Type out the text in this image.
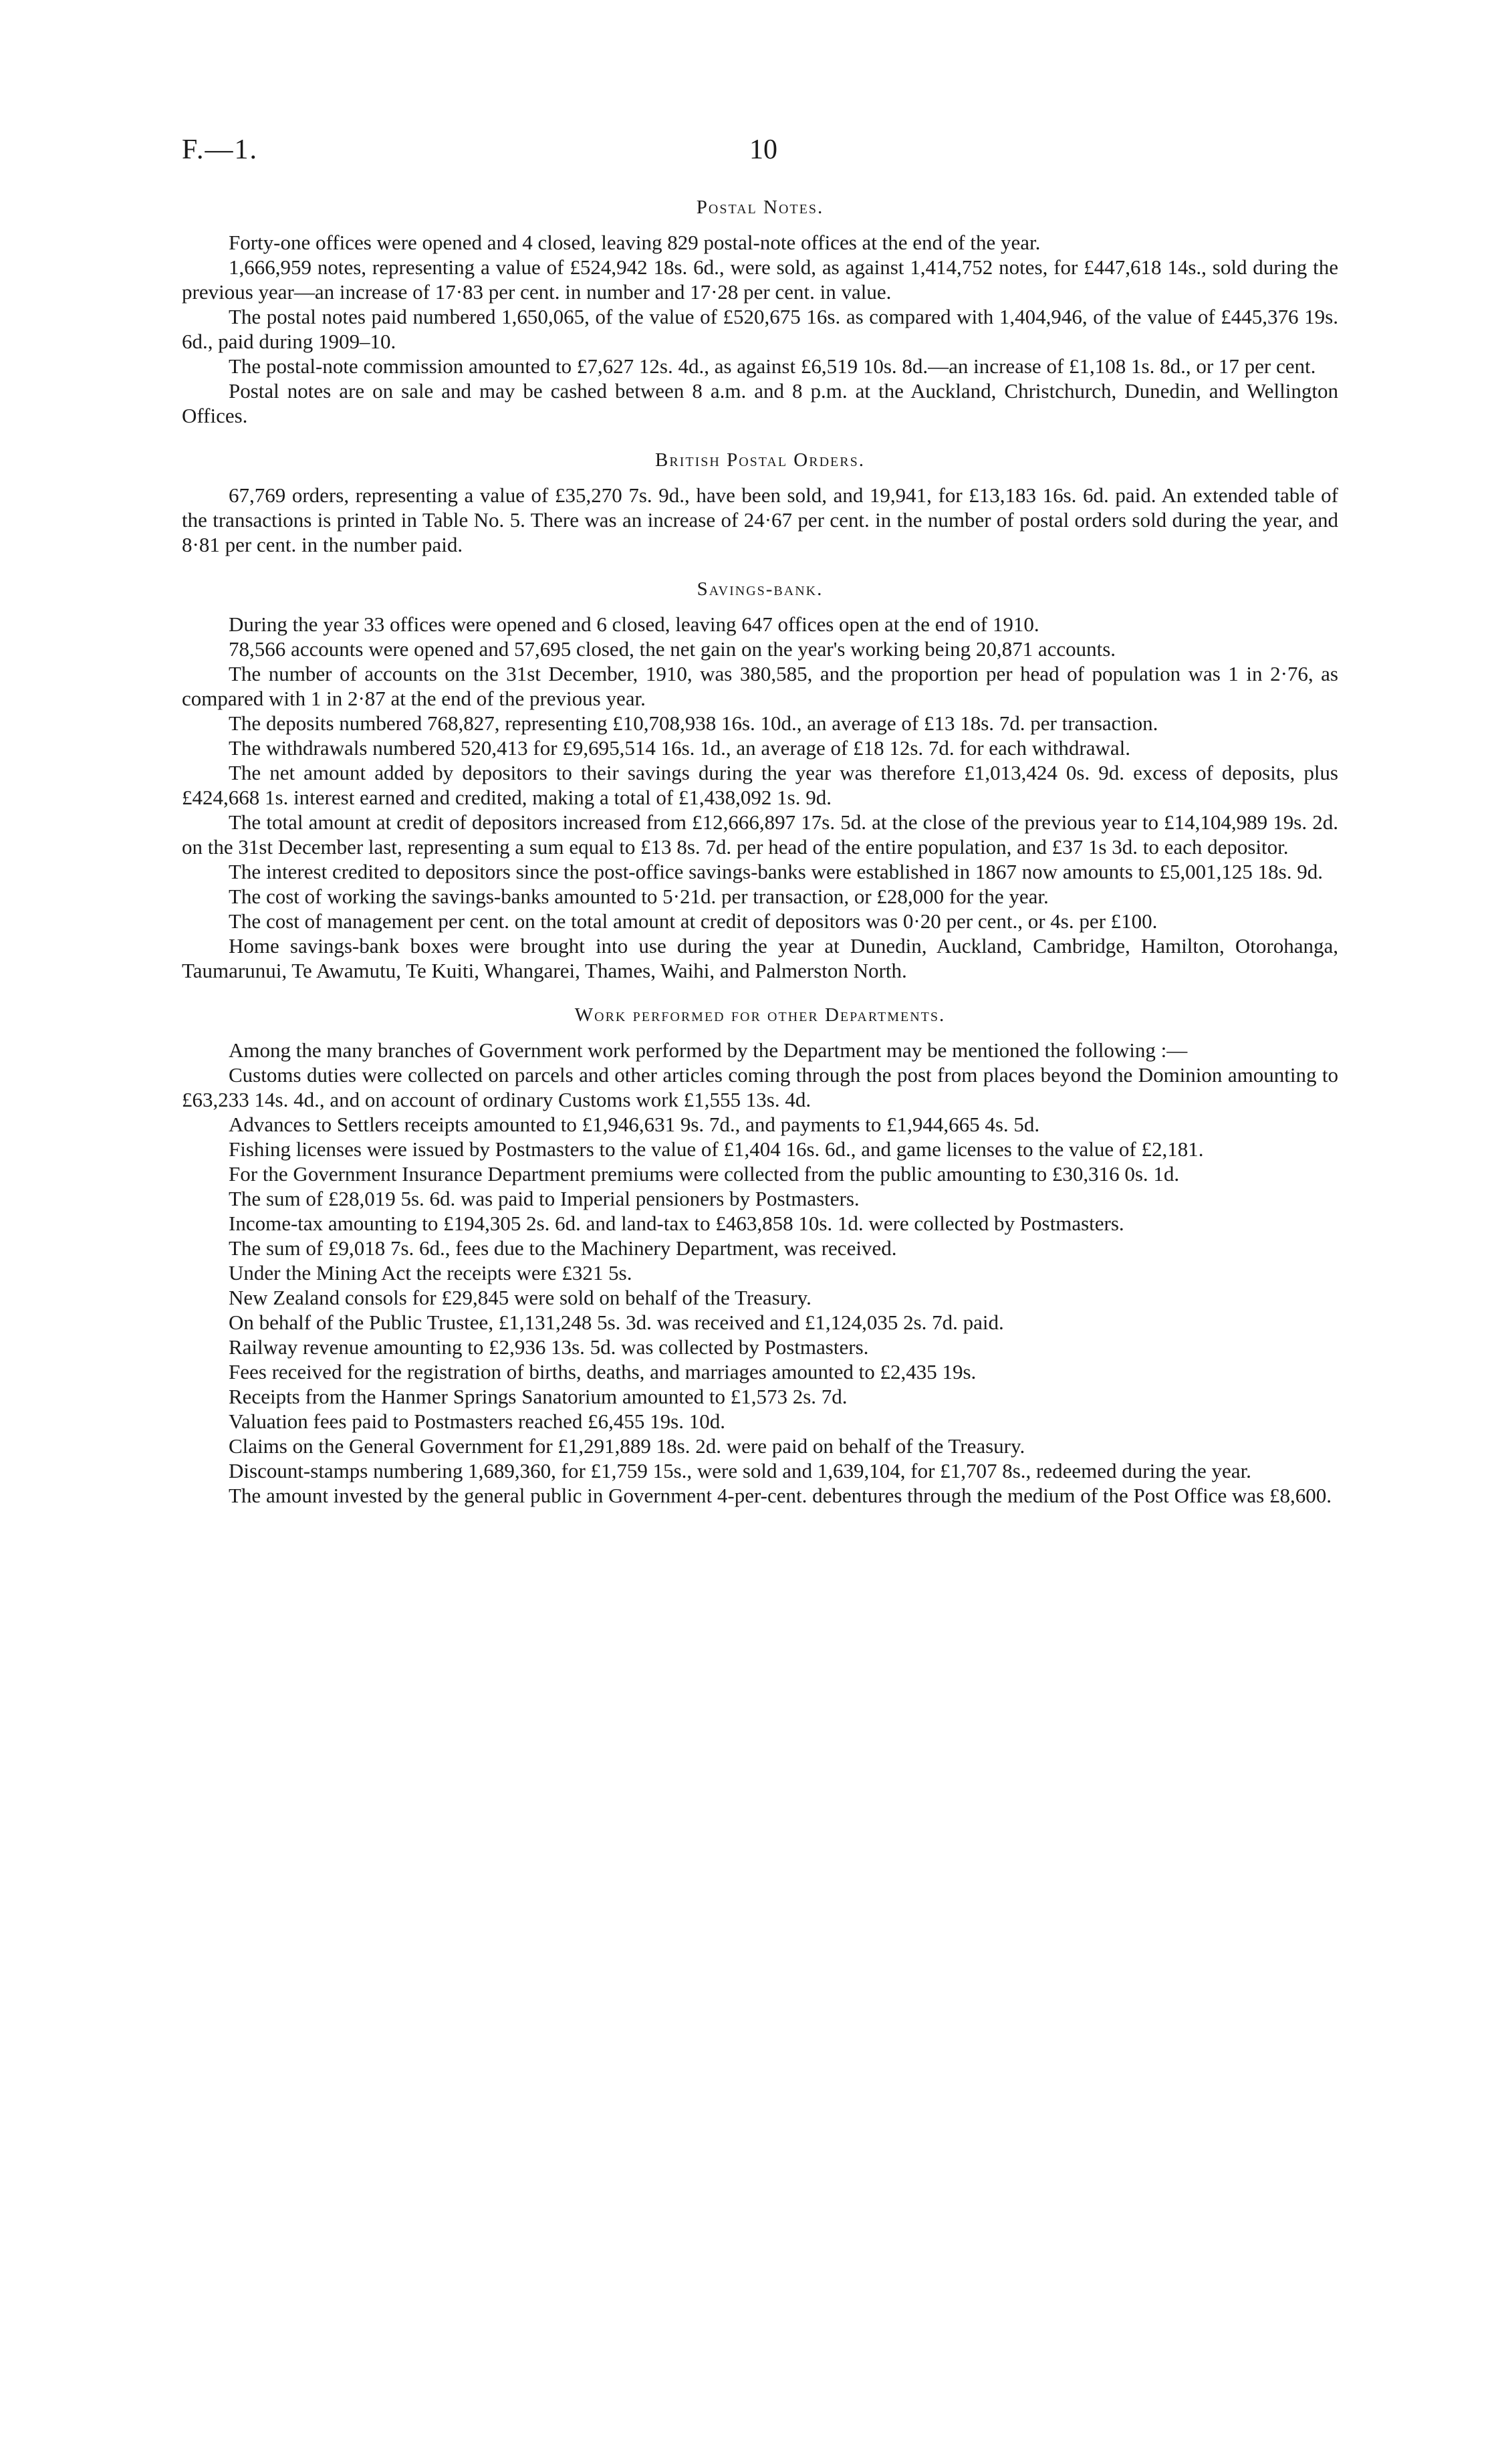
F.—1.	10
Postal Notes.

Forty-one offices were opened and 4 closed, leaving 829 postal-note offices at the end of the year.

1,666,959 notes, representing a value of £524,942 18s. 6d., were sold, as against 1,414,752 notes, for £447,618 14s., sold during the previous year—an increase of 17·83 per cent. in number and 17·28 per cent. in value.

The postal notes paid numbered 1,650,065, of the value of £520,675 16s. as compared with 1,404,946, of the value of £445,376 19s. 6d., paid during 1909–10.

The postal-note commission amounted to £7,627 12s. 4d., as against £6,519 10s. 8d.—an increase of £1,108 1s. 8d., or 17 per cent.

Postal notes are on sale and may be cashed between 8 a.m. and 8 p.m. at the Auckland, Christchurch, Dunedin, and Wellington Offices.

British Postal Orders.

67,769 orders, representing a value of £35,270 7s. 9d., have been sold, and 19,941, for £13,183 16s. 6d. paid. An extended table of the transactions is printed in Table No. 5. There was an increase of 24·67 per cent. in the number of postal orders sold during the year, and 8·81 per cent. in the number paid.

Savings-bank.

During the year 33 offices were opened and 6 closed, leaving 647 offices open at the end of 1910.

78,566 accounts were opened and 57,695 closed, the net gain on the year's working being 20,871 accounts.

The number of accounts on the 31st December, 1910, was 380,585, and the proportion per head of population was 1 in 2·76, as compared with 1 in 2·87 at the end of the previous year.

The deposits numbered 768,827, representing £10,708,938 16s. 10d., an average of £13 18s. 7d. per transaction.

The withdrawals numbered 520,413 for £9,695,514 16s. 1d., an average of £18 12s. 7d. for each withdrawal.

The net amount added by depositors to their savings during the year was therefore £1,013,424 0s. 9d. excess of deposits, plus £424,668 1s. interest earned and credited, making a total of £1,438,092 1s. 9d.

The total amount at credit of depositors increased from £12,666,897 17s. 5d. at the close of the previous year to £14,104,989 19s. 2d. on the 31st December last, representing a sum equal to £13 8s. 7d. per head of the entire population, and £37 1s 3d. to each depositor.

The interest credited to depositors since the post-office savings-banks were established in 1867 now amounts to £5,001,125 18s. 9d.

The cost of working the savings-banks amounted to 5·21d. per transaction, or £28,000 for the year.

The cost of management per cent. on the total amount at credit of depositors was 0·20 per cent., or 4s. per £100.

Home savings-bank boxes were brought into use during the year at Dunedin, Auckland, Cambridge, Hamilton, Otorohanga, Taumarunui, Te Awamutu, Te Kuiti, Whangarei, Thames, Waihi, and Palmerston North.

Work performed for other Departments.

Among the many branches of Government work performed by the Department may be mentioned the following :—

Customs duties were collected on parcels and other articles coming through the post from places beyond the Dominion amounting to £63,233 14s. 4d., and on account of ordinary Customs work £1,555 13s. 4d.

Advances to Settlers receipts amounted to £1,946,631 9s. 7d., and payments to £1,944,665 4s. 5d.

Fishing licenses were issued by Postmasters to the value of £1,404 16s. 6d., and game licenses to the value of £2,181.

For the Government Insurance Department premiums were collected from the public amounting to £30,316 0s. 1d.

The sum of £28,019 5s. 6d. was paid to Imperial pensioners by Postmasters.

Income-tax amounting to £194,305 2s. 6d. and land-tax to £463,858 10s. 1d. were collected by Postmasters.

The sum of £9,018 7s. 6d., fees due to the Machinery Department, was received.

Under the Mining Act the receipts were £321 5s.

New Zealand consols for £29,845 were sold on behalf of the Treasury.

On behalf of the Public Trustee, £1,131,248 5s. 3d. was received and £1,124,035 2s. 7d. paid.

Railway revenue amounting to £2,936 13s. 5d. was collected by Postmasters.

Fees received for the registration of births, deaths, and marriages amounted to £2,435 19s.

Receipts from the Hanmer Springs Sanatorium amounted to £1,573 2s. 7d.

Valuation fees paid to Postmasters reached £6,455 19s. 10d.

Claims on the General Government for £1,291,889 18s. 2d. were paid on behalf of the Treasury.

Discount-stamps numbering 1,689,360, for £1,759 15s., were sold and 1,639,104, for £1,707 8s., redeemed during the year.

The amount invested by the general public in Government 4-per-cent. debentures through the medium of the Post Office was £8,600.
